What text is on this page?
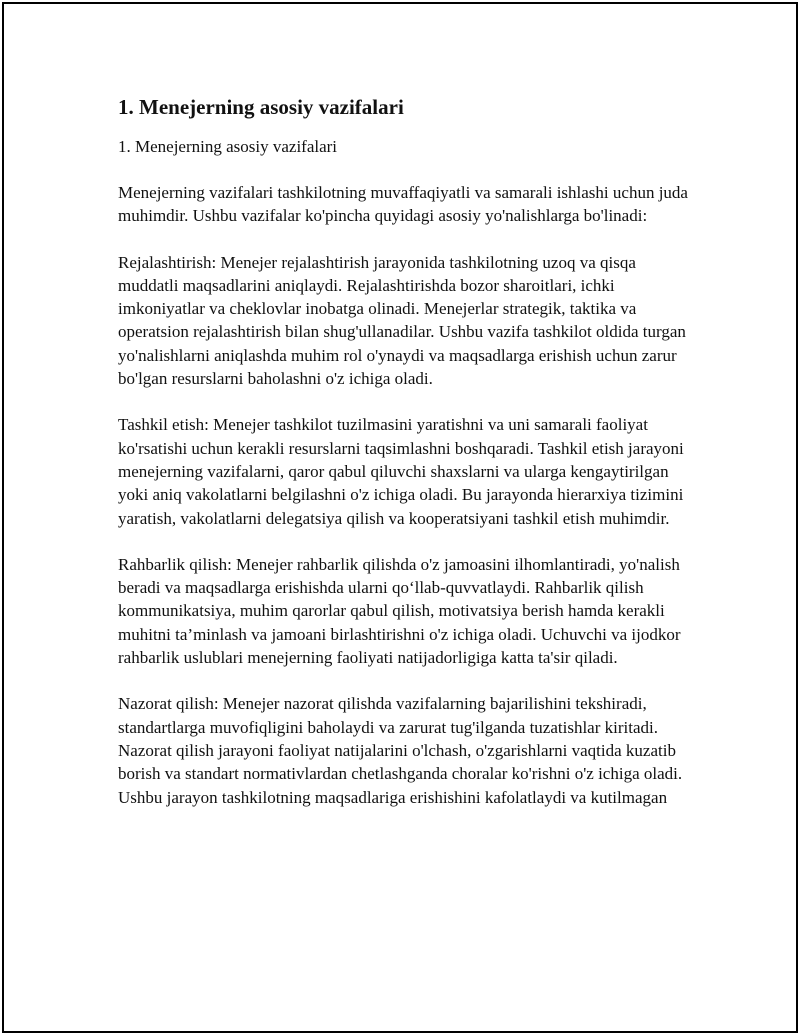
1. Menejerning asosiy vazifalari

1. Menejerning asosiy vazifalari

Menejerning vazifalari tashkilotning muvaffaqiyatli va samarali ishlashi uchun juda muhimdir. Ushbu vazifalar ko'pincha quyidagi asosiy yo'nalishlarga bo'linadi:

Rejalashtirish: Menejer rejalashtirish jarayonida tashkilotning uzoq va qisqa muddatli maqsadlarini aniqlaydi. Rejalashtirishda bozor sharoitlari, ichki imkoniyatlar va cheklovlar inobatga olinadi. Menejerlar strategik, taktika va operatsion rejalashtirish bilan shug'ullanadilar. Ushbu vazifa tashkilot oldida turgan yo'nalishlarni aniqlashda muhim rol o'ynaydi va maqsadlarga erishish uchun zarur bo'lgan resurslarni baholashni o'z ichiga oladi.

Tashkil etish: Menejer tashkilot tuzilmasini yaratishni va uni samarali faoliyat ko'rsatishi uchun kerakli resurslarni taqsimlashni boshqaradi. Tashkil etish jarayoni menejerning vazifalarni, qaror qabul qiluvchi shaxslarni va ularga kengaytirilgan yoki aniq vakolatlarni belgilashni o'z ichiga oladi. Bu jarayonda hierarxiya tizimini yaratish, vakolatlarni delegatsiya qilish va kooperatsiyani tashkil etish muhimdir.

Rahbarlik qilish: Menejer rahbarlik qilishda o'z jamoasini ilhomlantiradi, yo'nalish beradi va maqsadlarga erishishda ularni qo‘llab-quvvatlaydi. Rahbarlik qilish kommunikatsiya, muhim qarorlar qabul qilish, motivatsiya berish hamda kerakli muhitni ta’minlash va jamoani birlashtirishni o'z ichiga oladi. Uchuvchi va ijodkor rahbarlik uslublari menejerning faoliyati natijadorligiga katta ta'sir qiladi.

Nazorat qilish: Menejer nazorat qilishda vazifalarning bajarilishini tekshiradi, standartlarga muvofiqligini baholaydi va zarurat tug'ilganda tuzatishlar kiritadi. Nazorat qilish jarayoni faoliyat natijalarini o'lchash, o'zgarishlarni vaqtida kuzatib borish va standart normativlardan chetlashganda choralar ko'rishni o'z ichiga oladi. Ushbu jarayon tashkilotning maqsadlariga erishishini kafolatlaydi va kutilmagan
